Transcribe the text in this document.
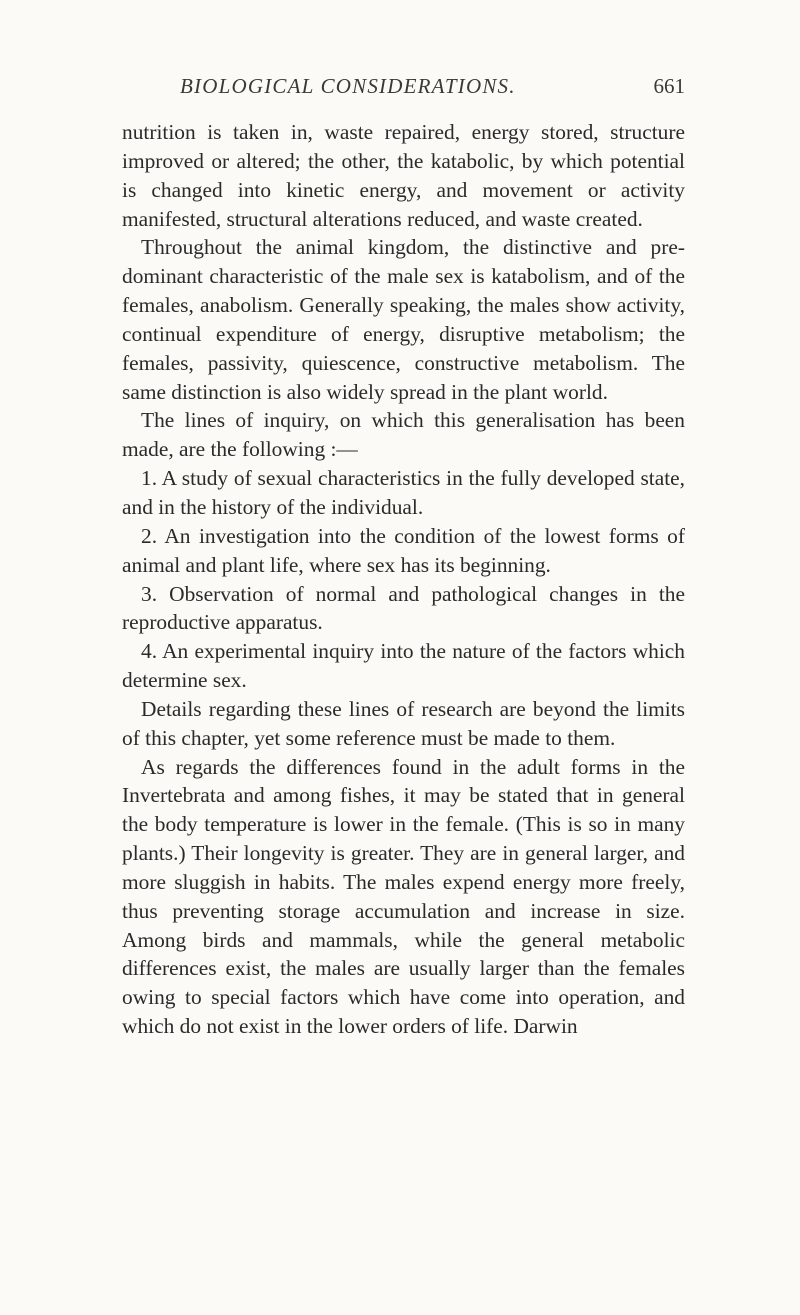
BIOLOGICAL CONSIDERATIONS.	661

nutrition is taken in, waste repaired, energy stored, structure improved or altered; the other, the katabolic, by which potential is changed into kinetic energy, and movement or activity manifested, structural alterations reduced, and waste created.

Throughout the animal kingdom, the distinctive and pre-dominant characteristic of the male sex is katabolism, and of the females, anabolism. Generally speaking, the males show activity, continual expenditure of energy, disruptive metabolism; the females, passivity, quiescence, constructive metabolism. The same distinction is also widely spread in the plant world.

The lines of inquiry, on which this generalisation has been made, are the following :—

1. A study of sexual characteristics in the fully developed state, and in the history of the individual.

2. An investigation into the condition of the lowest forms of animal and plant life, where sex has its beginning.

3. Observation of normal and pathological changes in the reproductive apparatus.

4. An experimental inquiry into the nature of the factors which determine sex.

Details regarding these lines of research are beyond the limits of this chapter, yet some reference must be made to them.

As regards the differences found in the adult forms in the Invertebrata and among fishes, it may be stated that in general the body temperature is lower in the female. (This is so in many plants.) Their longevity is greater. They are in general larger, and more sluggish in habits. The males expend energy more freely, thus preventing storage accumulation and increase in size. Among birds and mammals, while the general metabolic differences exist, the males are usually larger than the females owing to special factors which have come into operation, and which do not exist in the lower orders of life. Darwin
